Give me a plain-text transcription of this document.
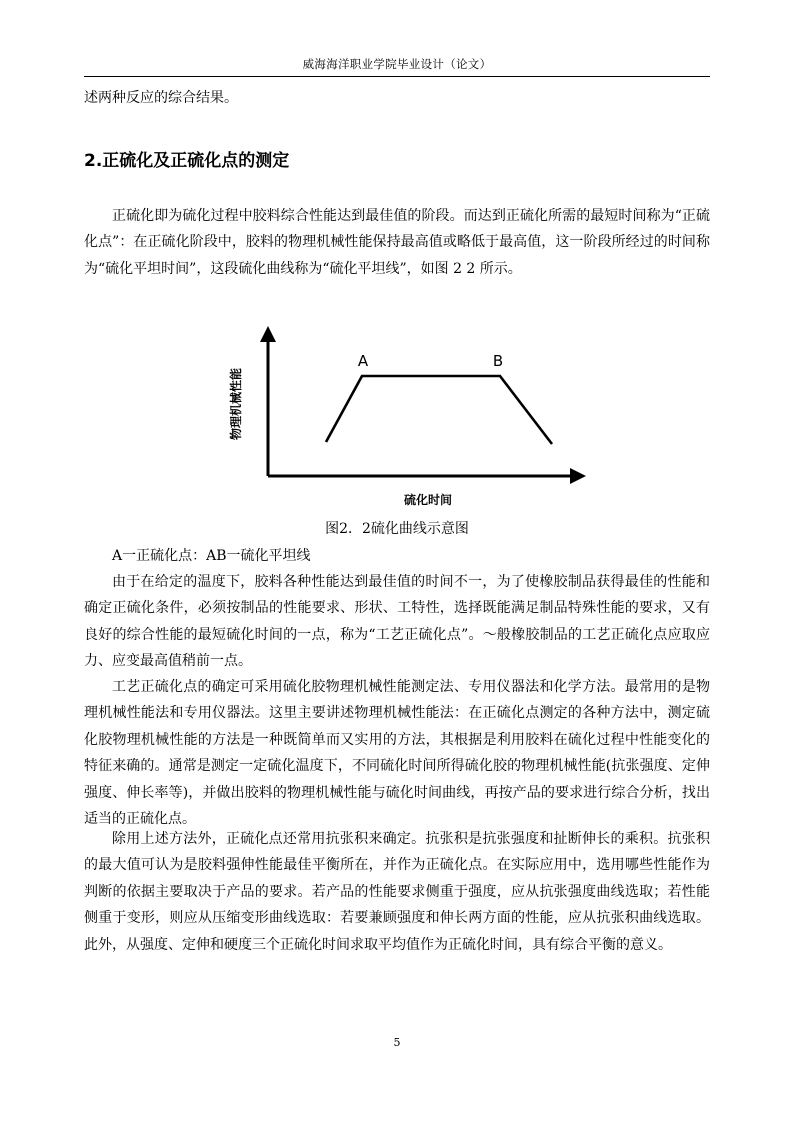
威海海洋职业学院毕业设计（论文）

述两种反应的综合结果。

2.正硫化及正硫化点的测定

正硫化即为硫化过程中胶料综合性能达到最佳值的阶段。而达到正硫化所需的最短时间称为“正硫化点”：在正硫化阶段中，胶料的物理机械性能保持最高值或略低于最高值，这一阶段所经过的时间称为“硫化平坦时间”，这段硫化曲线称为“硫化平坦线”，如图 2 2 所示。

A	B
物理机械性能
硫化时间

图2．2硫化曲线示意图

A一正硫化点：AB一硫化平坦线

由于在给定的温度下，胶料各种性能达到最佳值的时间不一，为了使橡胶制品获得最佳的性能和确定正硫化条件，必须按制品的性能要求、形状、工特性，选择既能满足制品特殊性能的要求，又有良好的综合性能的最短硫化时间的一点，称为“工艺正硫化点”。～般橡胶制品的工艺正硫化点应取应力、应变最高值稍前一点。

工艺正硫化点的确定可采用硫化胶物理机械性能测定法、专用仪器法和化学方法。最常用的是物理机械性能法和专用仪器法。这里主要讲述物理机械性能法：在正硫化点测定的各种方法中，测定硫化胶物理机械性能的方法是一种既简单而又实用的方法，其根据是利用胶料在硫化过程中性能变化的特征来确的。通常是测定一定硫化温度下，不同硫化时间所得硫化胶的物理机械性能(抗张强度、定伸强度、伸长率等)，并做出胶料的物理机械性能与硫化时间曲线，再按产品的要求进行综合分析，找出适当的正硫化点。

除用上述方法外，正硫化点还常用抗张积来确定。抗张积是抗张强度和扯断伸长的乘积。抗张积的最大值可认为是胶料强伸性能最佳平衡所在，并作为正硫化点。在实际应用中，选用哪些性能作为判断的依据主要取决于产品的要求。若产品的性能要求侧重于强度，应从抗张强度曲线选取；若性能侧重于变形，则应从压缩变形曲线选取：若要兼顾强度和伸长两方面的性能，应从抗张积曲线选取。此外，从强度、定伸和硬度三个正硫化时间求取平均值作为正硫化时间，具有综合平衡的意义。

5
